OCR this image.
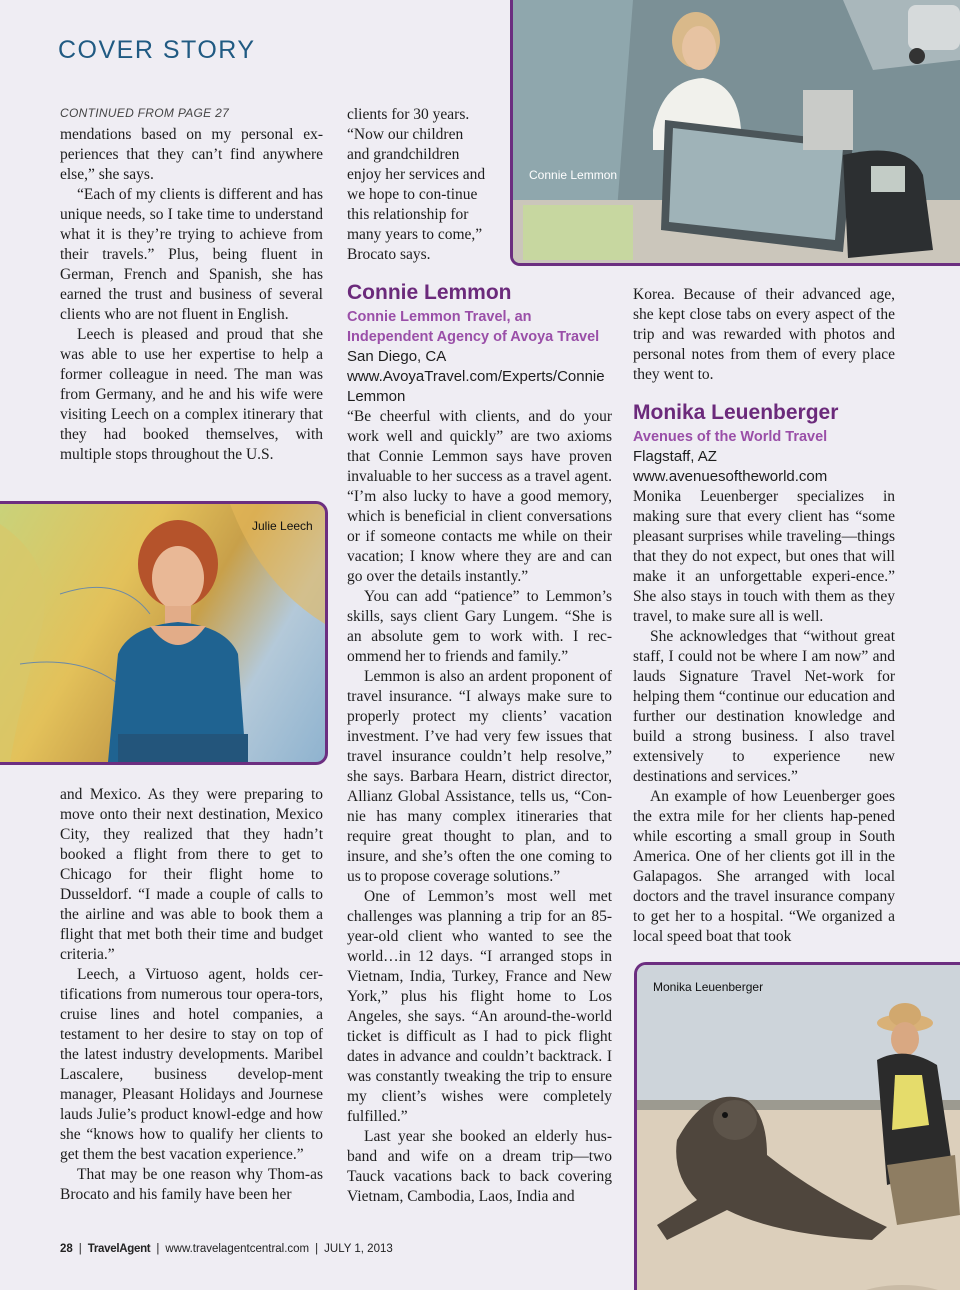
COVER STORY
CONTINUED FROM PAGE 27

mendations based on my personal ex-periences that they can’t find anywhere else,” she says.

“Each of my clients is different and has unique needs, so I take time to understand what it is they’re trying to achieve from their travels.” Plus, being fluent in German, French and Spanish, she has earned the trust and business of several clients who are not fluent in English.

Leech is pleased and proud that she was able to use her expertise to help a former colleague in need. The man was from Germany, and he and his wife were visiting Leech on a complex itinerary that they had booked themselves, with multiple stops throughout the U.S.

Julie Leech

and Mexico. As they were preparing to move onto their next destination, Mexico City, they realized that they hadn’t booked a flight from there to get to Chicago for their flight home to Dusseldorf. “I made a couple of calls to the airline and was able to book them a flight that met both their time and budget criteria.”

Leech, a Virtuoso agent, holds cer-tifications from numerous tour opera-tors, cruise lines and hotel companies, a testament to her desire to stay on top of the latest industry developments. Maribel Lascalere, business develop-ment manager, Pleasant Holidays and Journese lauds Julie’s product knowl-edge and how she “knows how to qualify her clients to get them the best vacation experience.”

That may be one reason why Thom-as Brocato and his family have been her

clients for 30 years. “Now our children and grandchildren enjoy her services and we hope to con-tinue this relationship for many years to come,” Brocato says.

Connie Lemmon
Connie Lemmon
Connie Lemmon Travel, an Independent Agency of Avoya Travel
San Diego, CA
www.AvoyaTravel.com/Experts/ConnieLemmon

“Be cheerful with clients, and do your work well and quickly” are two axioms that Connie Lemmon says have proven invaluable to her success as a travel agent. “I’m also lucky to have a good memory, which is beneficial in client conversations or if someone contacts me while on their vacation; I know where they are and can go over the details instantly.”

You can add “patience” to Lemmon’s skills, says client Gary Lungem. “She is an absolute gem to work with. I rec-ommend her to friends and family.”

Lemmon is also an ardent proponent of travel insurance. “I always make sure to properly protect my clients’ vacation investment. I’ve had very few issues that travel insurance couldn’t help resolve,” she says. Barbara Hearn, district director, Allianz Global Assistance, tells us, “Con-nie has many complex itineraries that require great thought to plan, and to insure, and she’s often the one coming to us to propose coverage solutions.”

One of Lemmon’s most well met challenges was planning a trip for an 85-year-old client who wanted to see the world…in 12 days. “I arranged stops in Vietnam, India, Turkey, France and New York,” plus his flight home to Los Angeles, she says. “An around-the-world ticket is difficult as I had to pick flight dates in advance and couldn’t backtrack. I was constantly tweaking the trip to ensure my client’s wishes were completely fulfilled.”

Last year she booked an elderly hus-band and wife on a dream trip—two Tauck vacations back to back covering Vietnam, Cambodia, Laos, India and

Korea. Because of their advanced age, she kept close tabs on every aspect of the trip and was rewarded with photos and personal notes from them of every place they went to.

Monika Leuenberger
Avenues of the World Travel
Flagstaff, AZ
www.avenuesoftheworld.com

Monika Leuenberger specializes in making sure that every client has “some pleasant surprises while traveling—things that they do not expect, but ones that will make it an unforgettable experi-ence.” She also stays in touch with them as they travel, to make sure all is well.

She acknowledges that “without great staff, I could not be where I am now” and lauds Signature Travel Net-work for helping them “continue our education and further our destination knowledge and build a strong business. I also travel extensively to experience new destinations and services.”

An example of how Leuenberger goes the extra mile for her clients hap-pened while escorting a small group in South America. One of her clients got ill in the Galapagos. She arranged with local doctors and the travel insurance company to get her to a hospital. “We organized a local speed boat that took

Monika Leuenberger
28 | TravelAgent | www.travelagentcentral.com | JULY 1, 2013
